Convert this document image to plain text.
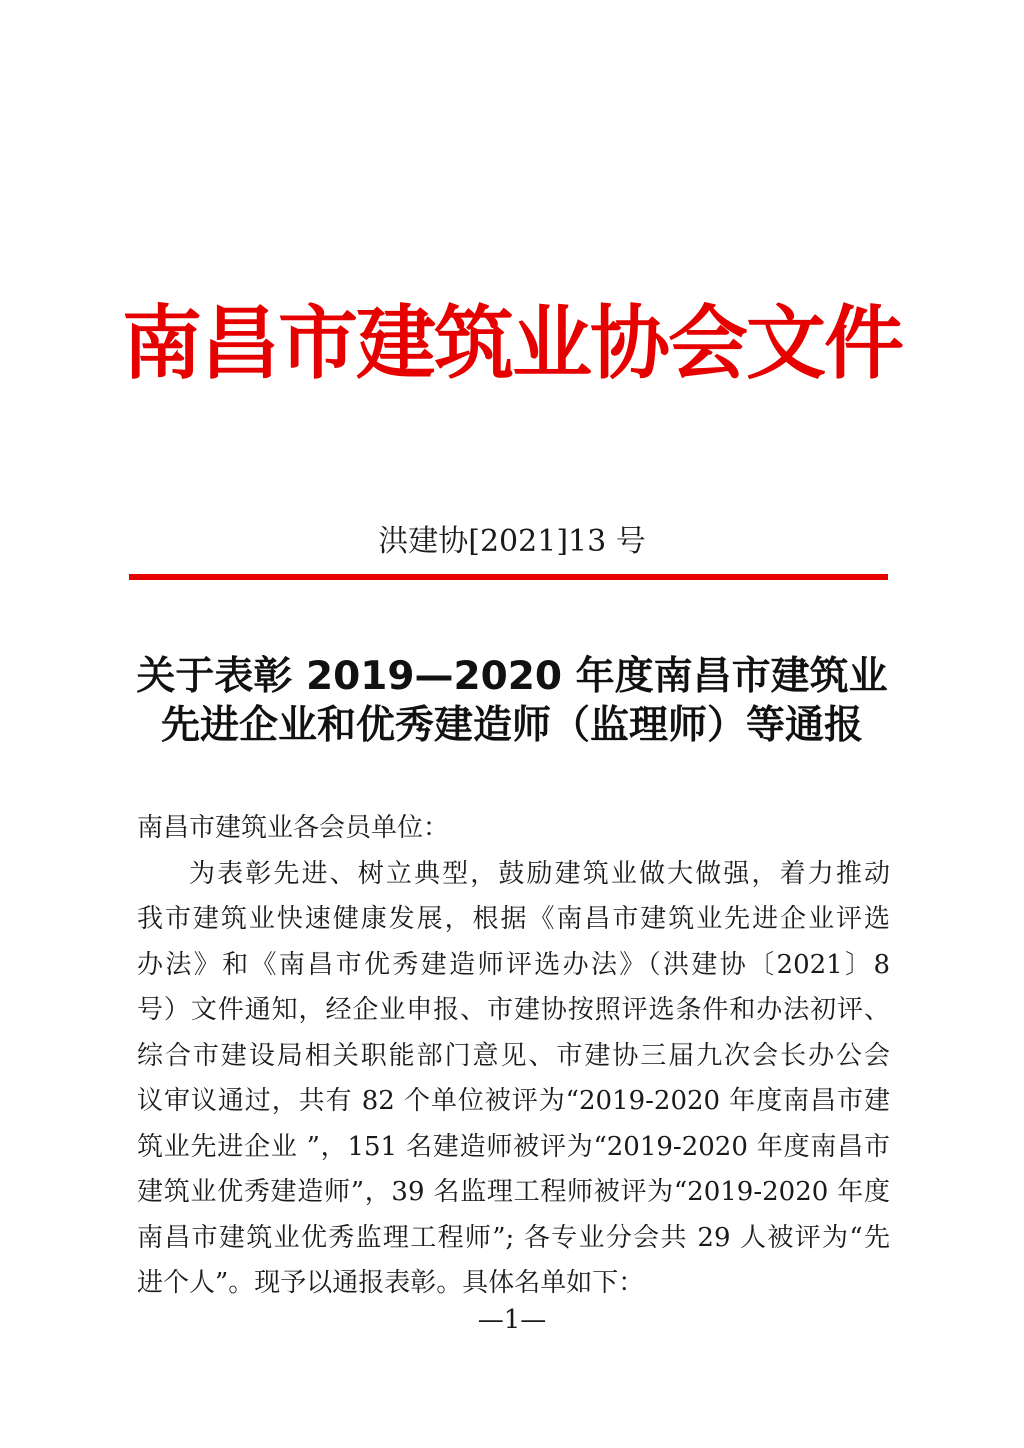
南昌市建筑业协会文件
洪建协[2021]13 号
关于表彰 2019—2020 年度南昌市建筑业
先进企业和优秀建造师（监理师）等通报
南昌市建筑业各会员单位：
为表彰先进、树立典型，鼓励建筑业做大做强，着力推动
我市建筑业快速健康发展，根据《南昌市建筑业先进企业评选
办法》和《南昌市优秀建造师评选办法》（洪建协〔2021〕8
号）文件通知，经企业申报、市建协按照评选条件和办法初评、
综合市建设局相关职能部门意见、市建协三届九次会长办公会
议审议通过，共有 82 个单位被评为“2019-2020 年度南昌市建
筑业先进企业 ”，151 名建造师被评为“2019-2020 年度南昌市
建筑业优秀建造师”，39 名监理工程师被评为“2019-2020 年度
南昌市建筑业优秀监理工程师”; 各专业分会共 29 人被评为“先
进个人”。现予以通报表彰。具体名单如下：
—1—
